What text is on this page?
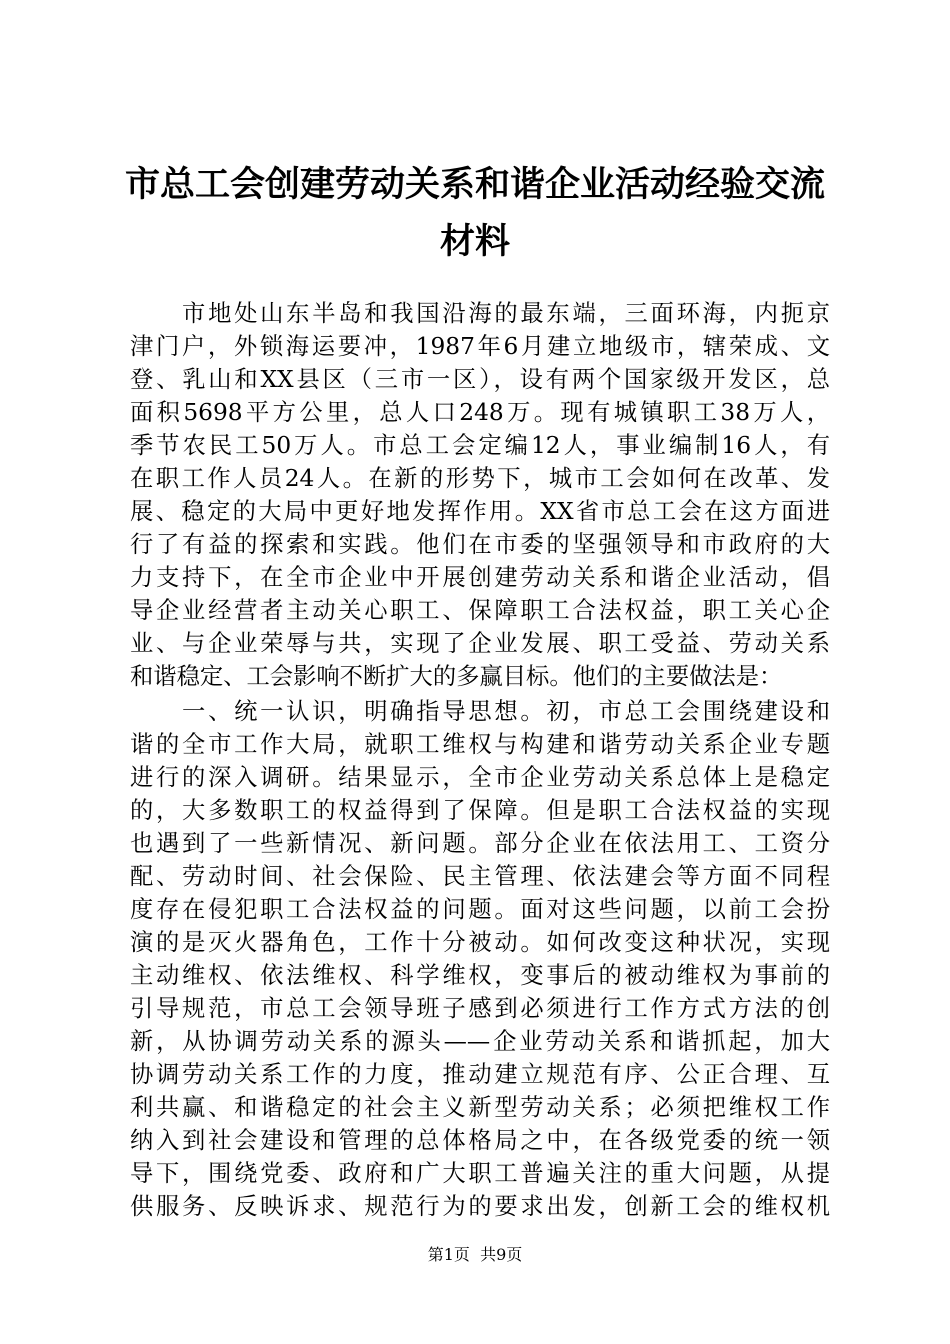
市总工会创建劳动关系和谐企业活动经验交流
材料
　　市地处山东半岛和我国沿海的最东端，三面环海，内扼京
津门户，外锁海运要冲，1987年6月建立地级市，辖荣成、文
登、乳山和XX县区（三市一区），设有两个国家级开发区，总
面积5698平方公里，总人口248万。现有城镇职工38万人，
季节农民工50万人。市总工会定编12人，事业编制16人，有
在职工作人员24人。在新的形势下，城市工会如何在改革、发
展、稳定的大局中更好地发挥作用。XX省市总工会在这方面进
行了有益的探索和实践。他们在市委的坚强领导和市政府的大
力支持下，在全市企业中开展创建劳动关系和谐企业活动，倡
导企业经营者主动关心职工、保障职工合法权益，职工关心企
业、与企业荣辱与共，实现了企业发展、职工受益、劳动关系
和谐稳定、工会影响不断扩大的多赢目标。他们的主要做法是：
　　一、统一认识，明确指导思想。初，市总工会围绕建设和
谐的全市工作大局，就职工维权与构建和谐劳动关系企业专题
进行的深入调研。结果显示，全市企业劳动关系总体上是稳定
的，大多数职工的权益得到了保障。但是职工合法权益的实现
也遇到了一些新情况、新问题。部分企业在依法用工、工资分
配、劳动时间、社会保险、民主管理、依法建会等方面不同程
度存在侵犯职工合法权益的问题。面对这些问题，以前工会扮
演的是灭火器角色，工作十分被动。如何改变这种状况，实现
主动维权、依法维权、科学维权，变事后的被动维权为事前的
引导规范，市总工会领导班子感到必须进行工作方式方法的创
新，从协调劳动关系的源头——企业劳动关系和谐抓起，加大
协调劳动关系工作的力度，推动建立规范有序、公正合理、互
利共赢、和谐稳定的社会主义新型劳动关系；必须把维权工作
纳入到社会建设和管理的总体格局之中，在各级党委的统一领
导下，围绕党委、政府和广大职工普遍关注的重大问题，从提
供服务、反映诉求、规范行为的要求出发，创新工会的维权机
第1页  共9页
